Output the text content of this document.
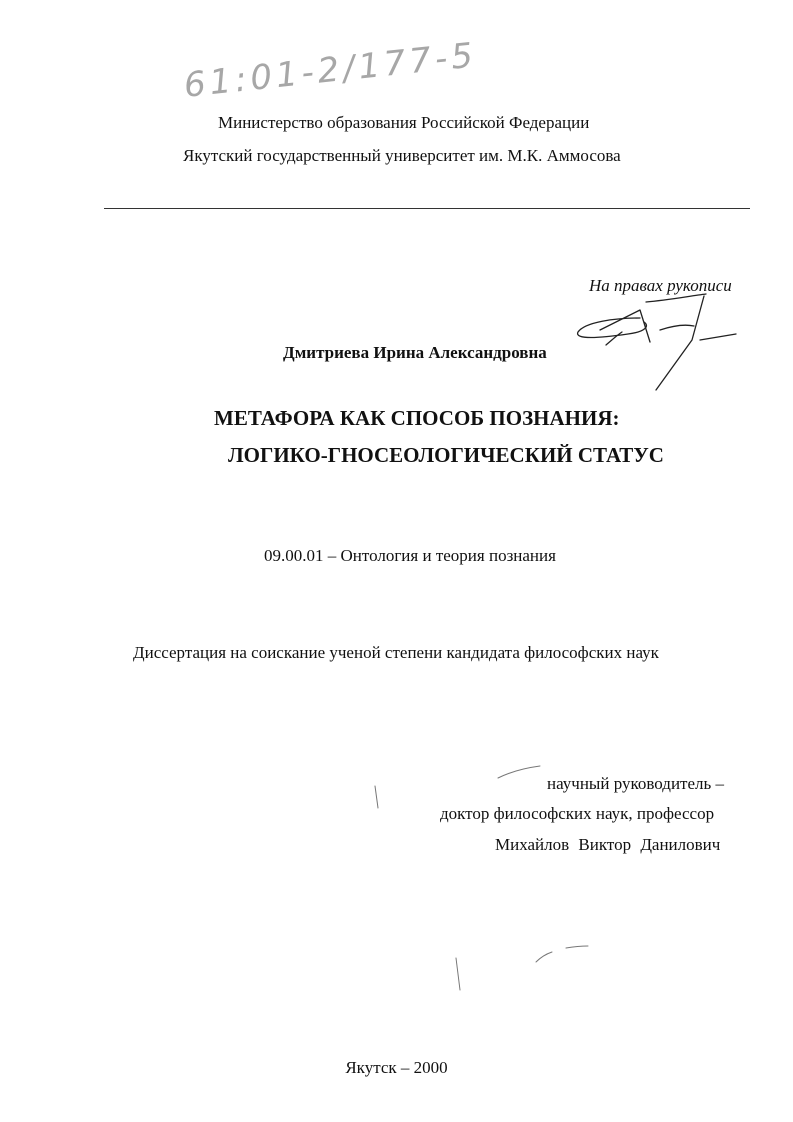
61:01-2/177-5
Министерство образования Российской Федерации
Якутский государственный университет им. М.К. Аммосова
На правах рукописи
Дмитриева Ирина Александровна
МЕТАФОРА КАК СПОСОБ ПОЗНАНИЯ:
ЛОГИКО-ГНОСЕОЛОГИЧЕСКИЙ СТАТУС
09.00.01 – Онтология и теория познания
Диссертация на соискание ученой степени кандидата философских наук
научный руководитель –
доктор философских наук, профессор
Михайлов Виктор Данилович
Якутск – 2000
